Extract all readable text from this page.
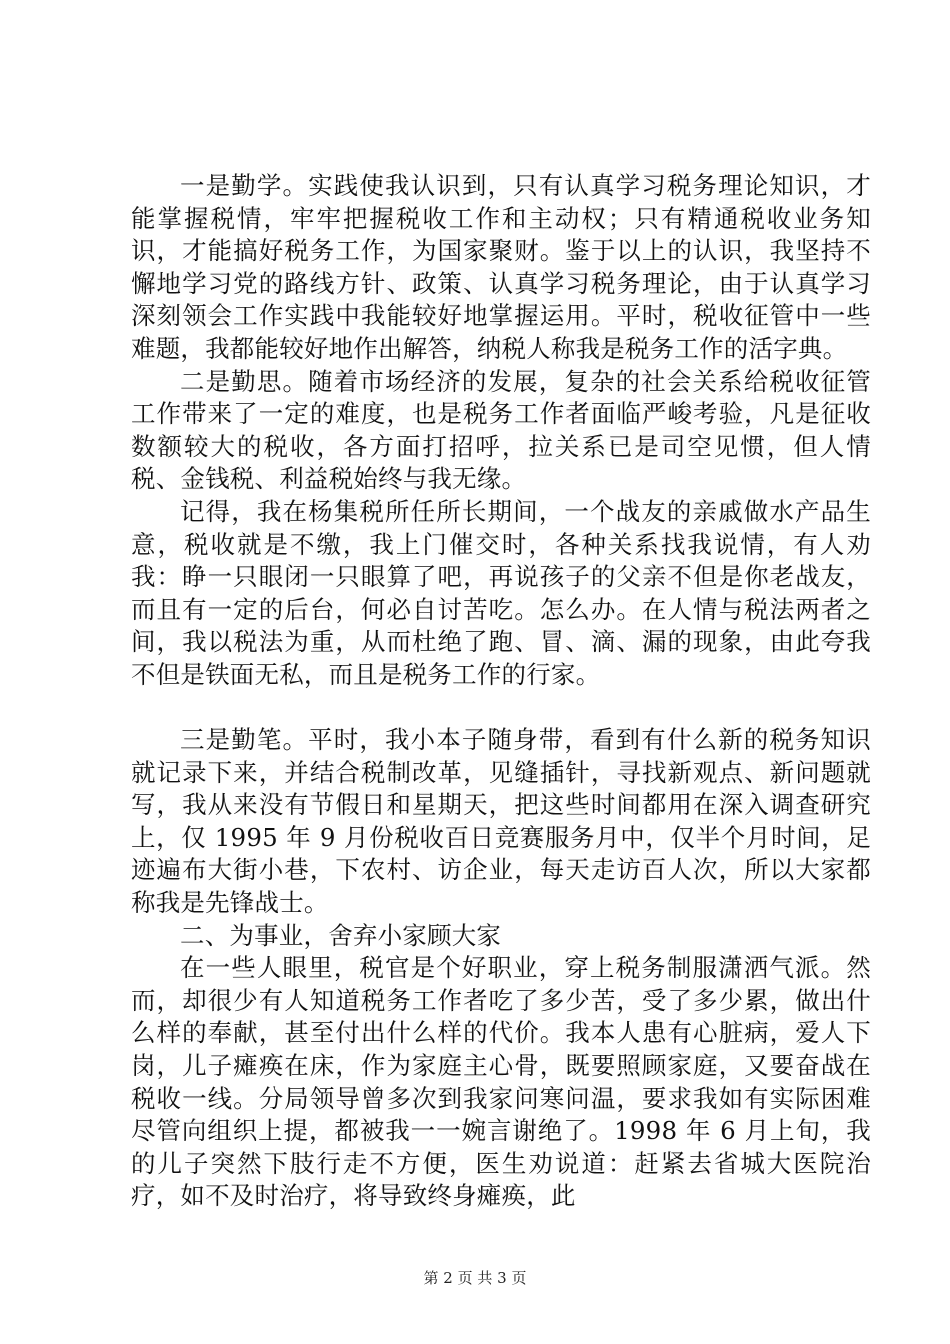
一是勤学。实践使我认识到，只有认真学习税务理论知识，才能掌握税情，牢牢把握税收工作和主动权；只有精通税收业务知识，才能搞好税务工作，为国家聚财。鉴于以上的认识，我坚持不懈地学习党的路线方针、政策、认真学习税务理论，由于认真学习深刻领会工作实践中我能较好地掌握运用。平时，税收征管中一些难题，我都能较好地作出解答，纳税人称我是税务工作的活字典。

二是勤思。随着市场经济的发展，复杂的社会关系给税收征管工作带来了一定的难度，也是税务工作者面临严峻考验，凡是征收数额较大的税收，各方面打招呼，拉关系已是司空见惯，但人情税、金钱税、利益税始终与我无缘。

记得，我在杨集税所任所长期间，一个战友的亲戚做水产品生意，税收就是不缴，我上门催交时，各种关系找我说情，有人劝我：睁一只眼闭一只眼算了吧，再说孩子的父亲不但是你老战友，而且有一定的后台，何必自讨苦吃。怎么办。在人情与税法两者之间，我以税法为重，从而杜绝了跑、冒、滴、漏的现象，由此夸我不但是铁面无私，而且是税务工作的行家。

三是勤笔。平时，我小本子随身带，看到有什么新的税务知识就记录下来，并结合税制改革，见缝插针，寻找新观点、新问题就写，我从来没有节假日和星期天，把这些时间都用在深入调查研究上，仅 1995 年 9 月份税收百日竞赛服务月中，仅半个月时间，足迹遍布大街小巷，下农村、访企业，每天走访百人次，所以大家都称我是先锋战士。

二、为事业，舍弃小家顾大家

在一些人眼里，税官是个好职业，穿上税务制服潇洒气派。然而，却很少有人知道税务工作者吃了多少苦，受了多少累，做出什么样的奉献，甚至付出什么样的代价。我本人患有心脏病，爱人下岗，儿子瘫痪在床，作为家庭主心骨，既要照顾家庭，又要奋战在税收一线。分局领导曾多次到我家问寒问温，要求我如有实际困难尽管向组织上提，都被我一一婉言谢绝了。1998 年 6 月上旬，我的儿子突然下肢行走不方便，医生劝说道：赶紧去省城大医院治疗，如不及时治疗，将导致终身瘫痪，此

第 2 页 共 3 页
